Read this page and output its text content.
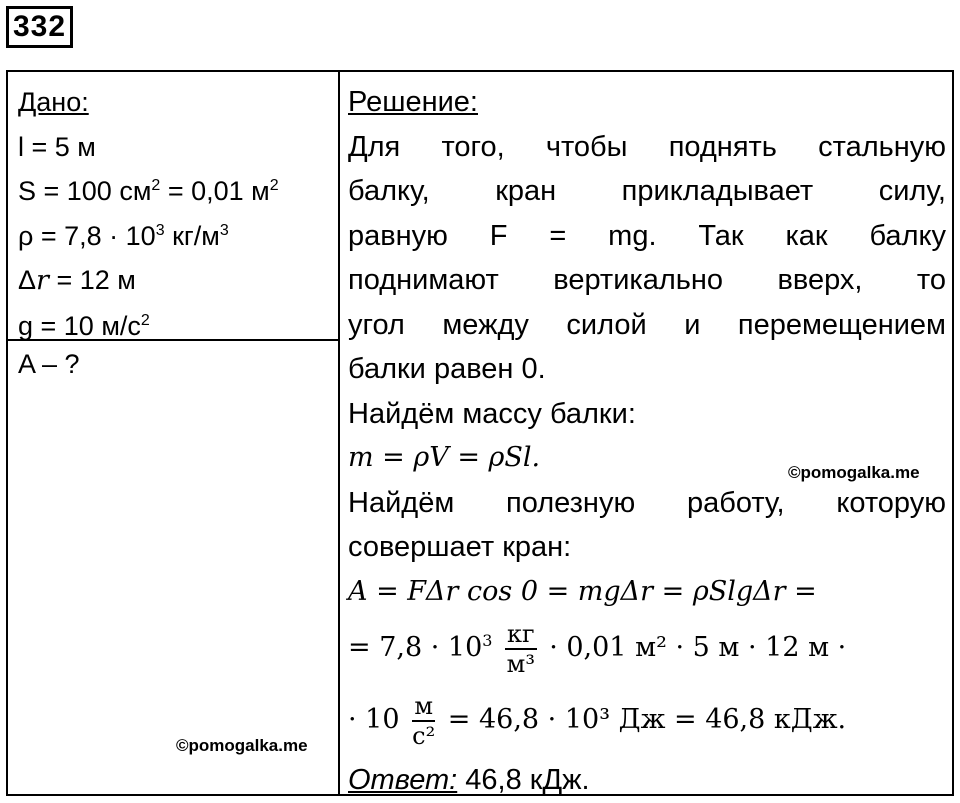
332
Дано:
l = 5 м
S = 100 $см^2 = 0,01$ $м^2$
$\rho = 7,8 \cdot 10^3$ $кг/м^3$
Δr = 12 м
g = 10 $м/с^2$
A – ?
©pomogalka.me
Решение:
Для того, чтобы поднять стальную
балку, кран прикладывает силу,
равную F = mg. Так как балку
поднимают вертикально вверх, то
угол между силой и перемещением
балки равен 0.
Найдём массу балки:
m = ρV = ρSl.
Найдём полезную работу, которую
совершает кран:
A = FΔr cos 0 = mgΔr = ρSlgΔr =
= $7,8 \cdot 10^3 \frac{кг}{\text{м³}} \cdot 0,01$ м² · 5 м · 12 м ·
· $10 \frac{м}{\text{с²}} = 46,8 \cdot 10^3$ Дж = 46,8 кДж.
Ответ: 46,8 кДж.
©pomogalka.me
